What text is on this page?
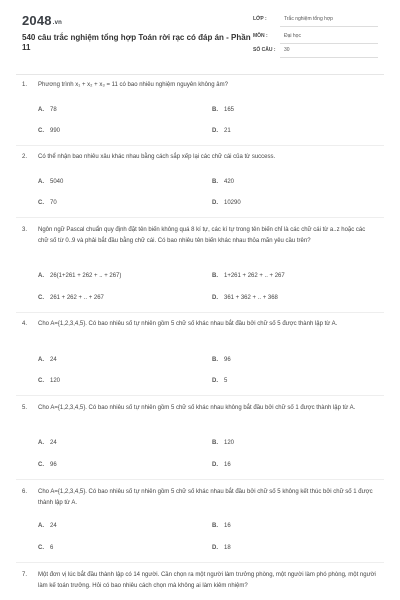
2048.vn
540 câu trắc nghiệm tổng hợp Toán rời rạc có đáp án - Phần 11
LỚP :	Trắc nghiệm tổng hợp
MÔN :	Đại học
SỐ CÂU : 30
1.	Phương trình x₁ + x₂ + x₃ = 11 có bao nhiêu nghiệm nguyên không âm?
A. 78	B. 165
C. 990	D. 21
2.	Có thể nhận bao nhiêu xâu khác nhau bằng cách sắp xếp lại các chữ cái của từ success.
A. 5040	B. 420
C. 70	D. 10290
3.	Ngôn ngữ Pascal chuẩn quy định đặt tên biến không quá 8 kí tự, các kí tự trong tên biến chỉ là các chữ cái từ a..z hoặc các chữ số từ 0..9 và phải bắt đầu bằng chữ cái. Có bao nhiêu tên biến khác nhau thỏa mãn yêu cầu trên?
A. 26(1+261 + 262 + .. + 267)	B. 1+261 + 262 + .. + 267
C. 261 + 262 + .. + 267	D. 361 + 362 + .. + 368
4.	Cho A={1,2,3,4,5}. Có bao nhiêu số tự nhiên gồm 5 chữ số khác nhau bắt đầu bởi chữ số 5 được thành lập từ A.
A. 24	B. 96
C. 120	D. 5
5.	Cho A={1,2,3,4,5}. Có bao nhiêu số tự nhiên gồm 5 chữ số khác nhau không bắt đầu bởi chữ số 1 được thành lập từ A.
A. 24	B. 120
C. 96	D. 16
6.	Cho A={1,2,3,4,5}. Có bao nhiêu số tự nhiên gồm 5 chữ số khác nhau bắt đầu bởi chữ số 5 không kết thúc bởi chữ số 1 được thành lập từ A.
A. 24	B. 16
C. 6	D. 18
7.	Một đơn vị lúc bắt đầu thành lập có 14 người. Cần chọn ra một người làm trưởng phòng, một người làm phó phòng, một người làm kế toán trưởng. Hỏi có bao nhiêu cách chọn mà không ai làm kiêm nhiệm?
